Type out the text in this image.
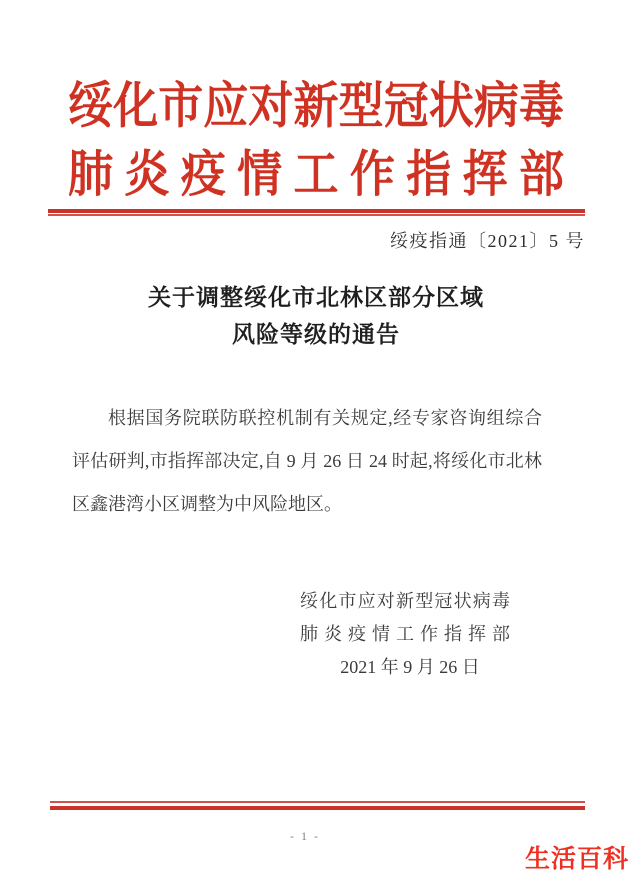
绥化市应对新型冠状病毒
肺炎疫情工作指挥部
绥疫指通〔2021〕5 号
关于调整绥化市北林区部分区域
风险等级的通告

根据国务院联防联控机制有关规定,经专家咨询组综合评估研判,市指挥部决定,自 9 月 26 日 24 时起,将绥化市北林区鑫港湾小区调整为中风险地区。

绥化市应对新型冠状病毒
肺炎疫情工作指挥部
2021 年 9 月 26 日
- 1 -
生活百科
